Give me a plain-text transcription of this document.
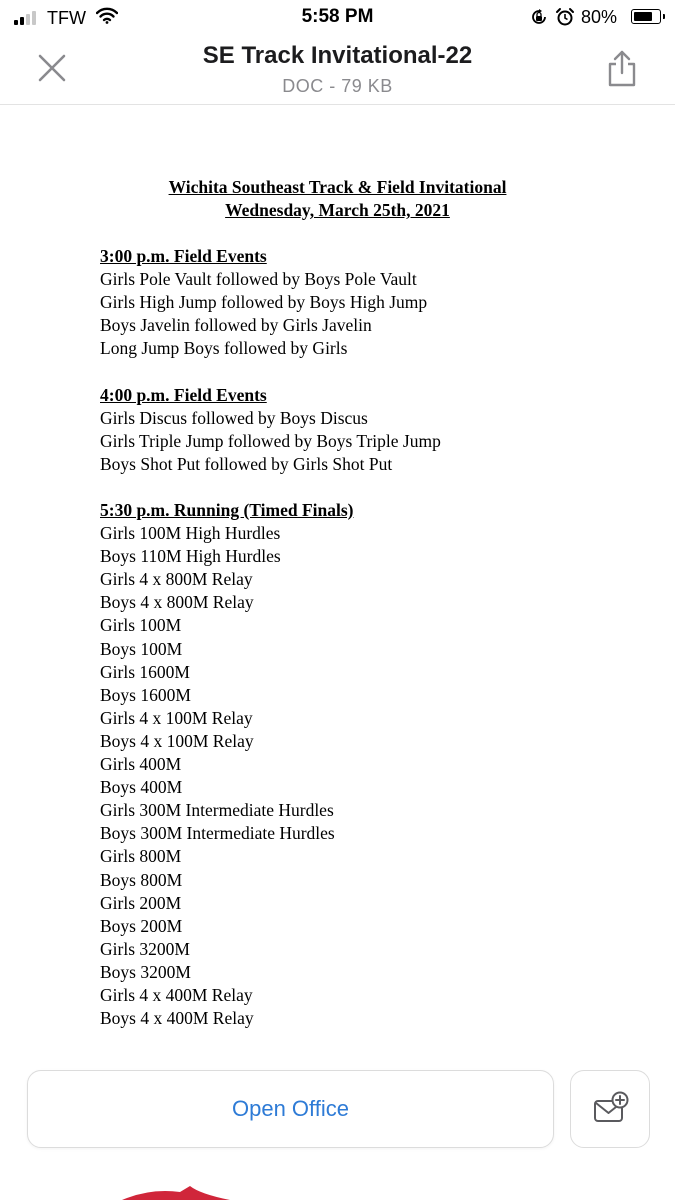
TFW	5:58 PM	80%
SE Track Invitational-22
DOC - 79 KB
Wichita Southeast Track & Field Invitational
Wednesday, March 25th, 2021
3:00 p.m. Field Events
Girls Pole Vault followed by Boys Pole Vault
Girls High Jump followed by Boys High Jump
Boys Javelin followed by Girls Javelin
Long Jump Boys followed by Girls
4:00 p.m. Field Events
Girls Discus followed by Boys Discus
Girls Triple Jump followed by Boys Triple Jump
Boys Shot Put followed by Girls Shot Put
5:30 p.m. Running (Timed Finals)
Girls 100M High Hurdles
Boys 110M High Hurdles
Girls 4 x 800M Relay
Boys 4 x 800M Relay
Girls 100M
Boys 100M
Girls 1600M
Boys 1600M
Girls 4 x 100M Relay
Boys 4 x 100M Relay
Girls 400M
Boys 400M
Girls 300M Intermediate Hurdles
Boys 300M Intermediate Hurdles
Girls 800M
Boys 800M
Girls 200M
Boys 200M
Girls 3200M
Boys 3200M
Girls 4 x 400M Relay
Boys 4 x 400M Relay
Open Office
